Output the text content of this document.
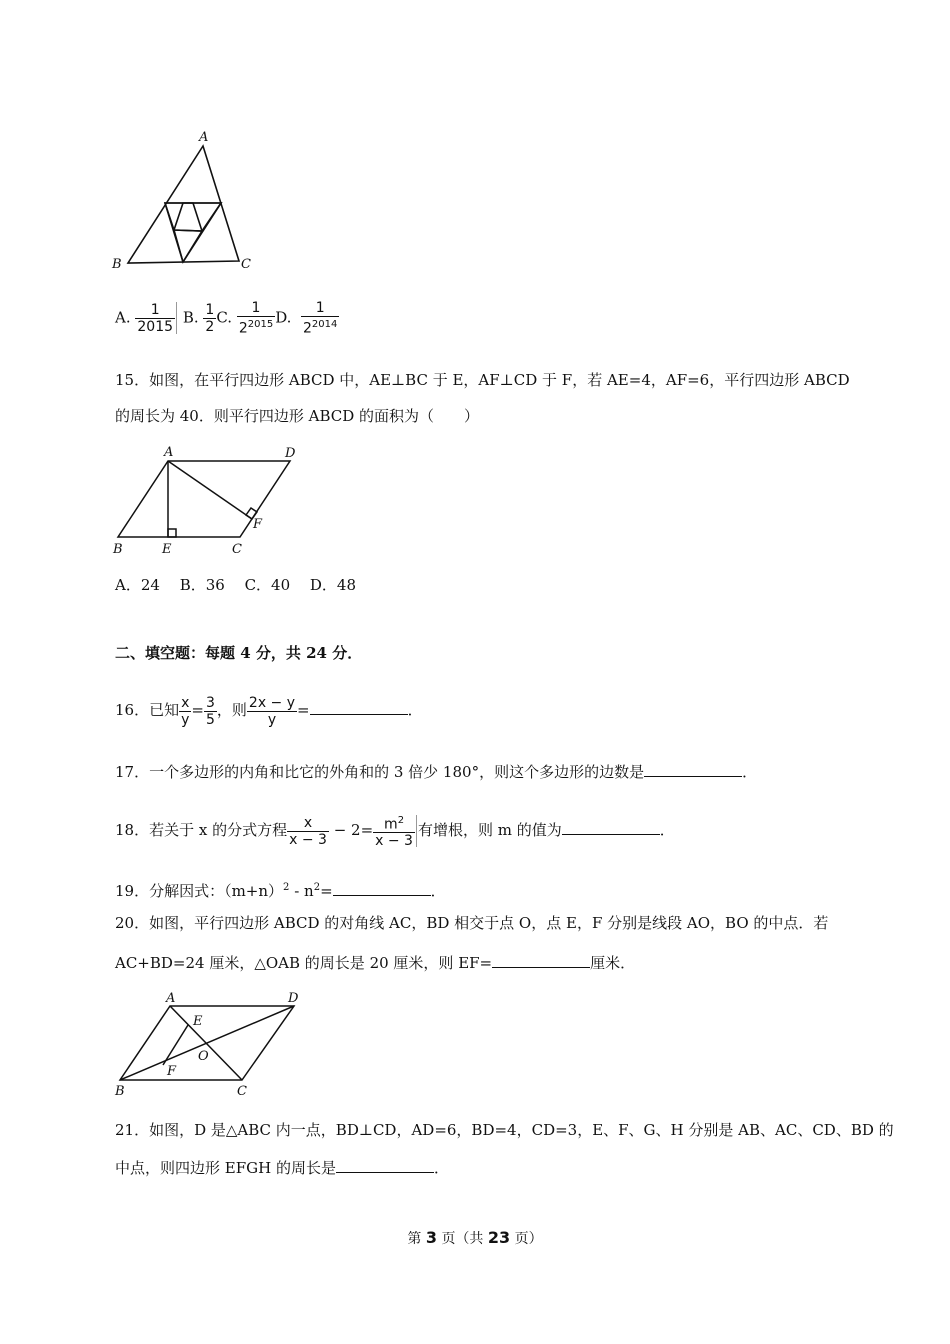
A
B	C
A. $\frac{1}{2015} B$. $\frac{1}{2} C$. $\frac{1}{2^{2015}} D$. $\frac{1}{2^{2014}}$
15．如图，在平行四边形 ABCD 中，AE⊥BC 于 E，AF⊥CD 于 F，若 AE=4，AF=6，平行四边形 ABCD
的周长为 40．则平行四边形 ABCD 的面积为（　　）
A	D
B	E	C
F
A．24　 B．36　 C．40　 D．48
二、填空题：每题 4 分，共 24 分．
16．已知 $\frac{x}{y} = \frac{3}{5}$ ，则 $\frac{2x - y}{y}$ =	．
17．一个多边形的内角和比它的外角和的 3 倍少 180°，则这个多边形的边数是	．
18．若关于 x 的分式方程 $\frac{x}{x - 3} - 2= \frac{m^2}{x - 3}$ 有增根，则 m 的值为	．
19．分解因式：$(m+n)^2 - n^2=$	．
20．如图，平行四边形 ABCD 的对角线 AC，BD 相交于点 O，点 E，F 分别是线段 AO，BO 的中点．若
AC+BD=24 厘米，△OAB 的周长是 20 厘米，则 EF=	厘米．
A	D
B	C
E
F
O
21．如图，D 是△ABC 内一点，BD⊥CD，AD=6，BD=4，CD=3，E、F、G、H 分别是 AB、AC、CD、BD 的
中点，则四边形 EFGH 的周长是	．
第 3 页（共 23 页）
